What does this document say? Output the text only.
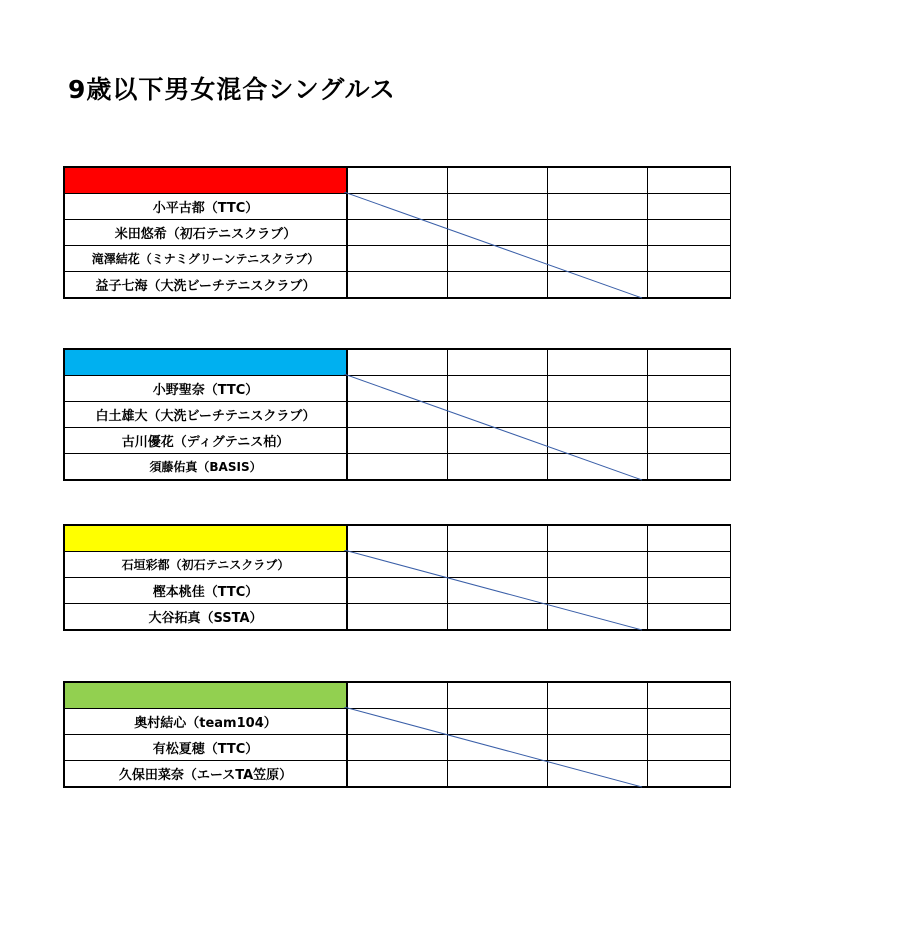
9歳以下男女混合シングルス

小平古都（TTC）				
米田悠希（初石テニスクラブ）				
滝澤結花（ミナミグリーンテニスクラブ）				
益子七海（大洗ビーチテニスクラブ）				

小野聖奈（TTC）				
白土雄大（大洗ビーチテニスクラブ）				
古川優花（ディグテニス柏）				
須藤佑真（BASIS）				

石垣彩都（初石テニスクラブ）				
樫本桃佳（TTC）				
大谷拓真（SSTA）				

奥村結心（team104）				
有松夏穂（TTC）				
久保田菜奈（エースTA笠原）				
